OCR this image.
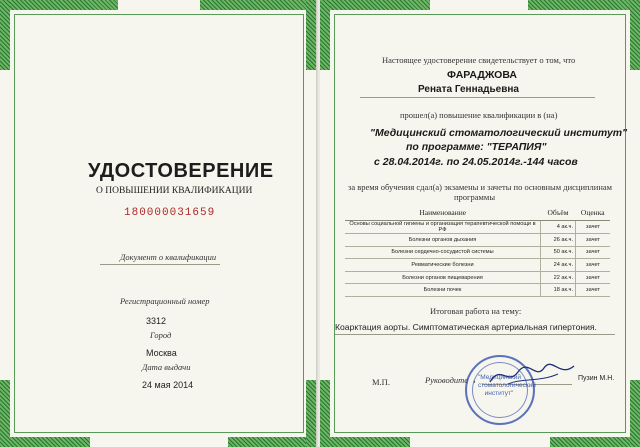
УДОСТОВЕРЕНИЕ
О ПОВЫШЕНИИ КВАЛИФИКАЦИИ
180000031659
Документ о квалификации
Регистрационный номер
3312
Город
Москва
Дата выдачи
24 мая 2014
Настоящее удостоверение свидетельствует о том, что
ФАРАДЖОВА
Рената Геннадьевна
прошел(а) повышение квалификации в (на)
"Медицинский стоматологический институт"
по программе: "ТЕРАПИЯ"
с 28.04.2014г. по 24.05.2014г.-144 часов
за время обучения сдал(а) экзамены и зачеты по основным дисциплинам
программы
Наименование	Объём	Оценка
Основы социальной гигиены и организация терапевтической помощи в РФ	4 ак.ч.	зачет
Болезни органов дыхания	26 ак.ч.	зачет
Болезни сердечно-сосудистой системы	50 ак.ч.	зачет
Ревматические болезни	24 ак.ч.	зачет
Болезни органов пищеварения	22 ак.ч.	зачет
Болезни почек	18 ак.ч.	зачет
Итоговая работа на тему:
Коарктация аорты. Симптоматическая артериальная гипертония.
М.П.	Руководитель	Пузин М.Н.
"Медицинский стоматологический институт"
